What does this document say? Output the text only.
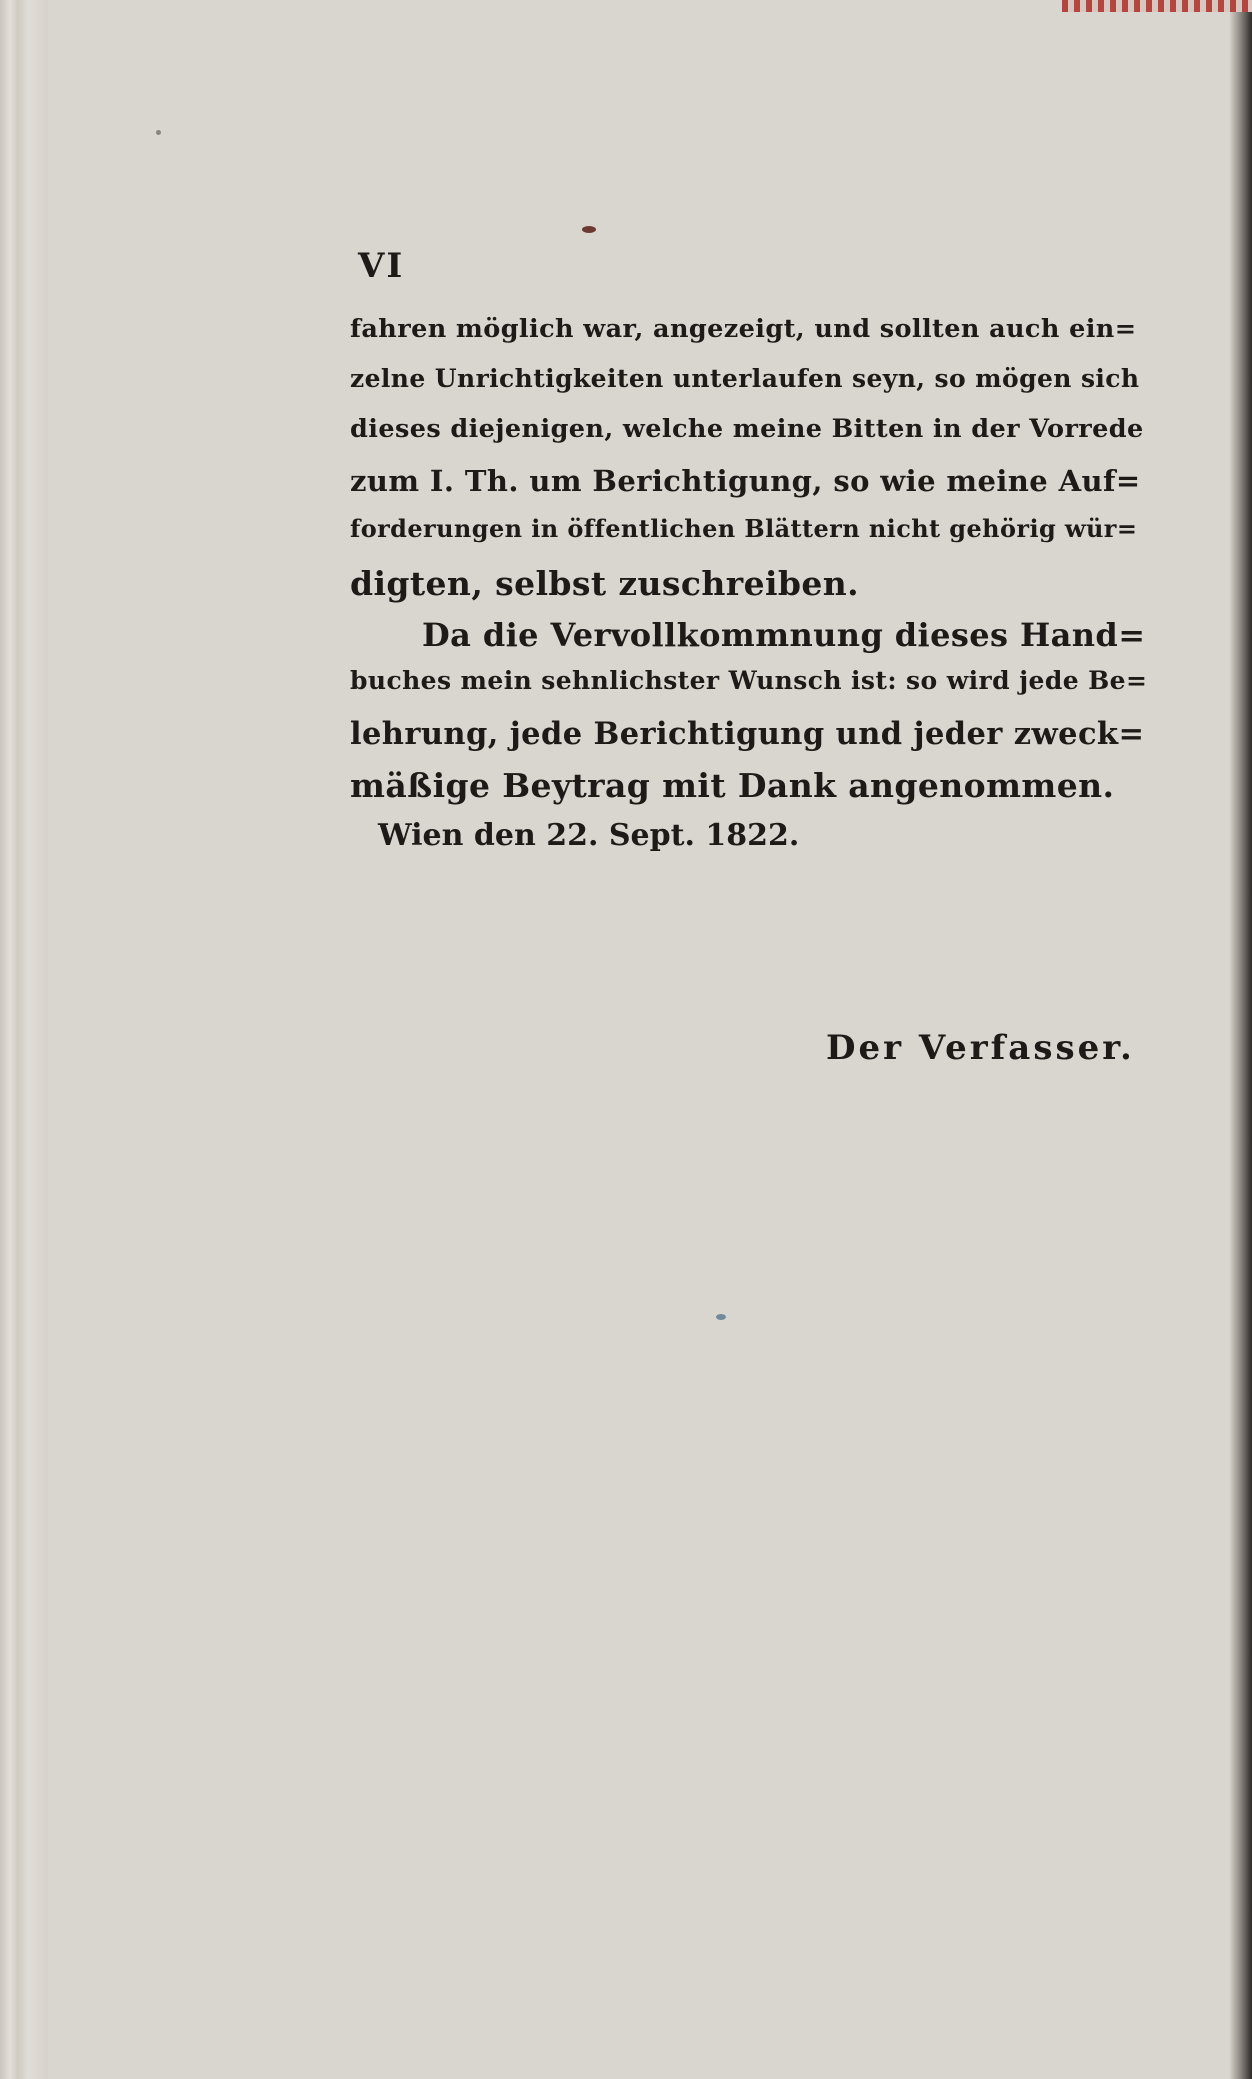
VI
fahren möglich war, angezeigt, und sollten auch ein=
zelne Unrichtigkeiten unterlaufen seyn, so mögen sich
dieses diejenigen, welche meine Bitten in der Vorrede
zum I. Th. um Berichtigung, so wie meine Auf=
forderungen in öffentlichen Blättern nicht gehörig wür=
digten, selbst zuschreiben.
Da die Vervollkommnung dieses Hand=
buches mein sehnlichster Wunsch ist: so wird jede Be=
lehrung, jede Berichtigung und jeder zweck=
mäßige Beytrag mit Dank angenommen.
Wien den 22. Sept. 1822.
Der Verfasser.
